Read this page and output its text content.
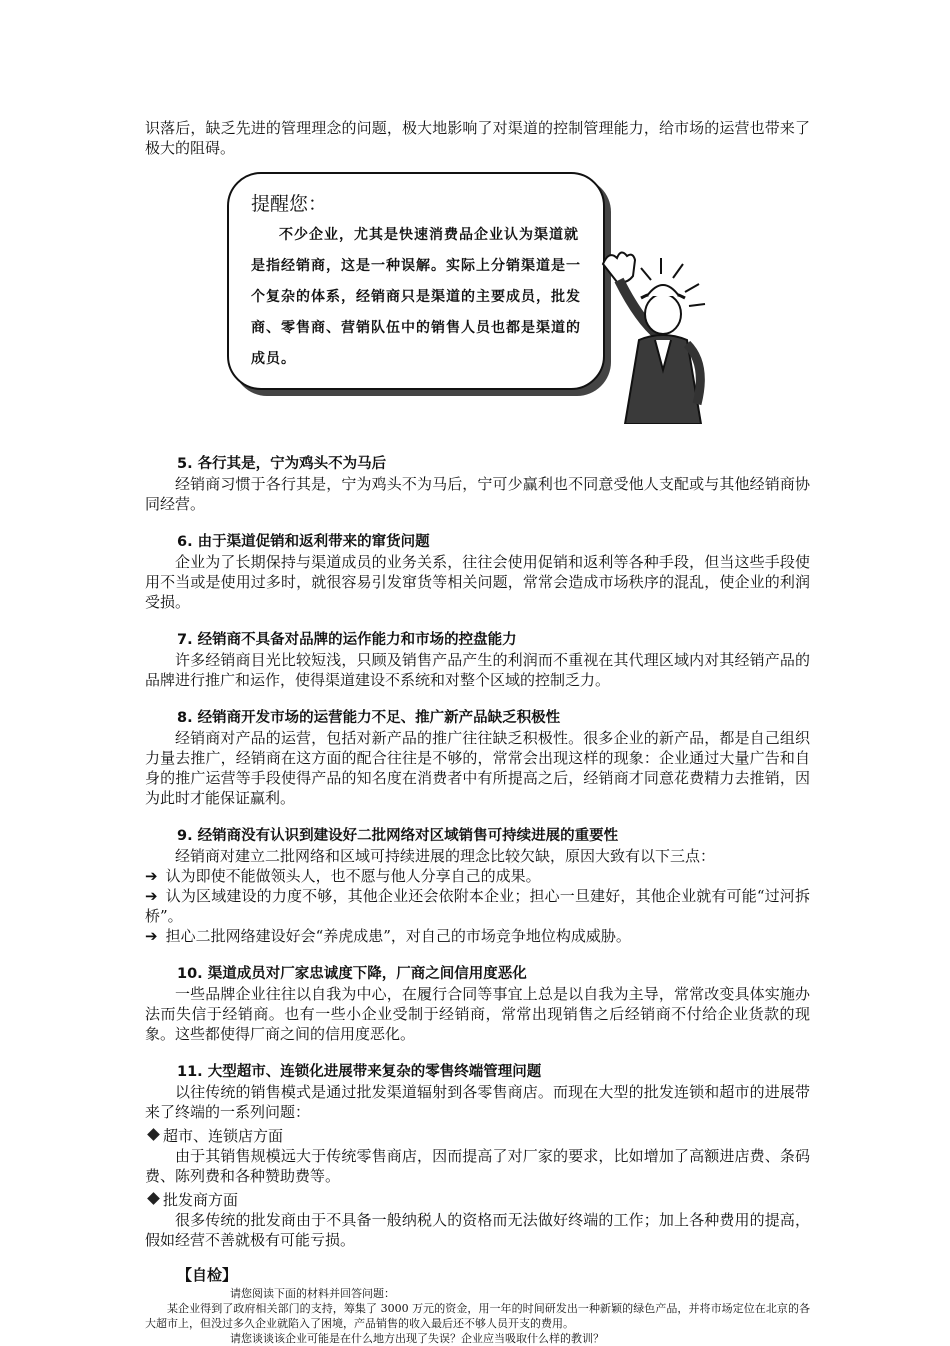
识落后，缺乏先进的管理理念的问题，极大地影响了对渠道的控制管理能力，给市场的运营也带来了极大的阻碍。

提醒您：
不少企业，尤其是快速消费品企业认为渠道就是指经销商，这是一种误解。实际上分销渠道是一个复杂的体系，经销商只是渠道的主要成员，批发商、零售商、营销队伍中的销售人员也都是渠道的成员。

5. 各行其是，宁为鸡头不为马后

经销商习惯于各行其是，宁为鸡头不为马后，宁可少赢利也不同意受他人支配或与其他经销商协同经营。

6. 由于渠道促销和返利带来的窜货问题

企业为了长期保持与渠道成员的业务关系，往往会使用促销和返利等各种手段，但当这些手段使用不当或是使用过多时，就很容易引发窜货等相关问题，常常会造成市场秩序的混乱，使企业的利润受损。

7. 经销商不具备对品牌的运作能力和市场的控盘能力

许多经销商目光比较短浅，只顾及销售产品产生的利润而不重视在其代理区域内对其经销产品的品牌进行推广和运作，使得渠道建设不系统和对整个区域的控制乏力。

8. 经销商开发市场的运营能力不足、推广新产品缺乏积极性

经销商对产品的运营，包括对新产品的推广往往缺乏积极性。很多企业的新产品，都是自己组织力量去推广，经销商在这方面的配合往往是不够的，常常会出现这样的现象：企业通过大量广告和自身的推广运营等手段使得产品的知名度在消费者中有所提高之后，经销商才同意花费精力去推销，因为此时才能保证赢利。

9. 经销商没有认识到建设好二批网络对区域销售可持续进展的重要性

经销商对建立二批网络和区域可持续进展的理念比较欠缺，原因大致有以下三点：

➔ 认为即使不能做领头人，也不愿与他人分享自己的成果。

➔ 认为区域建设的力度不够，其他企业还会依附本企业；担心一旦建好，其他企业就有可能“过河拆桥”。

➔ 担心二批网络建设好会“养虎成患”，对自己的市场竞争地位构成威胁。

10. 渠道成员对厂家忠诚度下降，厂商之间信用度恶化

一些品牌企业往往以自我为中心，在履行合同等事宜上总是以自我为主导，常常改变具体实施办法而失信于经销商。也有一些小企业受制于经销商，常常出现销售之后经销商不付给企业货款的现象。这些都使得厂商之间的信用度恶化。

11. 大型超市、连锁化进展带来复杂的零售终端管理问题

以往传统的销售模式是通过批发渠道辐射到各零售商店。而现在大型的批发连锁和超市的进展带来了终端的一系列问题：

超市、连锁店方面

由于其销售规模远大于传统零售商店，因而提高了对厂家的要求，比如增加了高额进店费、条码费、陈列费和各种赞助费等。

批发商方面

很多传统的批发商由于不具备一般纳税人的资格而无法做好终端的工作；加上各种费用的提高，假如经营不善就极有可能亏损。

【自检】

请您阅读下面的材料并回答问题：

某企业得到了政府相关部门的支持，筹集了 3000 万元的资金，用一年的时间研发出一种新颖的绿色产品，并将市场定位在北京的各大超市上，但没过多久企业就陷入了困境，产品销售的收入最后还不够人员开支的费用。

请您谈谈该企业可能是在什么地方出现了失误？企业应当吸取什么样的教训？
